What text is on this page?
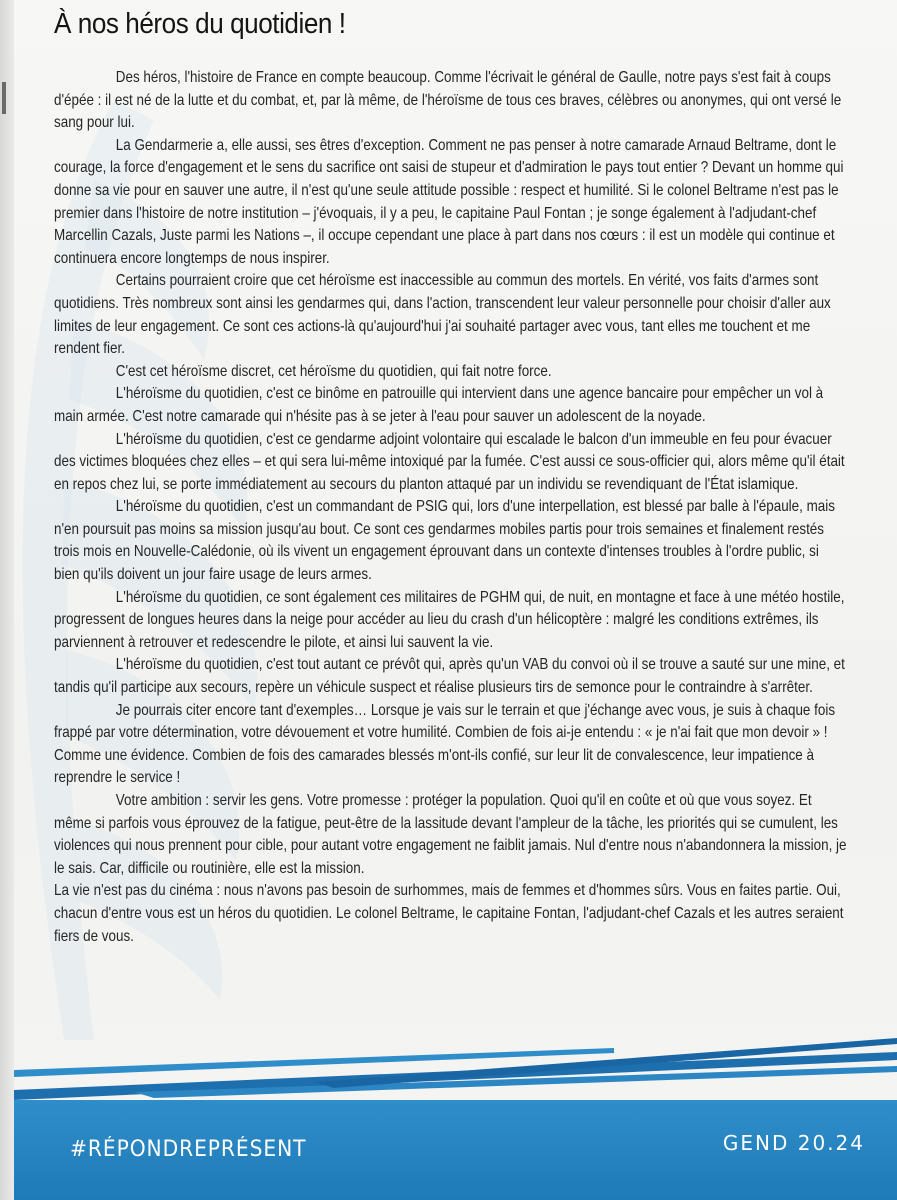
À nos héros du quotidien !

Des héros, l'histoire de France en compte beaucoup. Comme l'écrivait le général de Gaulle, notre pays s'est fait à coups d'épée : il est né de la lutte et du combat, et, par là même, de l'héroïsme de tous ces braves, célèbres ou anonymes, qui ont versé le sang pour lui.

La Gendarmerie a, elle aussi, ses êtres d'exception. Comment ne pas penser à notre camarade Arnaud Beltrame, dont le courage, la force d'engagement et le sens du sacrifice ont saisi de stupeur et d'admiration le pays tout entier ? Devant un homme qui donne sa vie pour en sauver une autre, il n'est qu'une seule attitude possible : respect et humilité. Si le colonel Beltrame n'est pas le premier dans l'histoire de notre institution – j'évoquais, il y a peu, le capitaine Paul Fontan ; je songe également à l'adjudant-chef Marcellin Cazals, Juste parmi les Nations –, il occupe cependant une place à part dans nos cœurs : il est un modèle qui continue et continuera encore longtemps de nous inspirer.

Certains pourraient croire que cet héroïsme est inaccessible au commun des mortels. En vérité, vos faits d'armes sont quotidiens. Très nombreux sont ainsi les gendarmes qui, dans l'action, transcendent leur valeur personnelle pour choisir d'aller aux limites de leur engagement. Ce sont ces actions-là qu'aujourd'hui j'ai souhaité partager avec vous, tant elles me touchent et me rendent fier.

C'est cet héroïsme discret, cet héroïsme du quotidien, qui fait notre force.

L'héroïsme du quotidien, c'est ce binôme en patrouille qui intervient dans une agence bancaire pour empêcher un vol à main armée. C'est notre camarade qui n'hésite pas à se jeter à l'eau pour sauver un adolescent de la noyade.

L'héroïsme du quotidien, c'est ce gendarme adjoint volontaire qui escalade le balcon d'un immeuble en feu pour évacuer des victimes bloquées chez elles – et qui sera lui-même intoxiqué par la fumée. C'est aussi ce sous-officier qui, alors même qu'il était en repos chez lui, se porte immédiatement au secours du planton attaqué par un individu se revendiquant de l'État islamique.

L'héroïsme du quotidien, c'est un commandant de PSIG qui, lors d'une interpellation, est blessé par balle à l'épaule, mais n'en poursuit pas moins sa mission jusqu'au bout. Ce sont ces gendarmes mobiles partis pour trois semaines et finalement restés trois mois en Nouvelle-Calédonie, où ils vivent un engagement éprouvant dans un contexte d'intenses troubles à l'ordre public, si bien qu'ils doivent un jour faire usage de leurs armes.

L'héroïsme du quotidien, ce sont également ces militaires de PGHM qui, de nuit, en montagne et face à une météo hostile, progressent de longues heures dans la neige pour accéder au lieu du crash d'un hélicoptère : malgré les conditions extrêmes, ils parviennent à retrouver et redescendre le pilote, et ainsi lui sauvent la vie.

L'héroïsme du quotidien, c'est tout autant ce prévôt qui, après qu'un VAB du convoi où il se trouve a sauté sur une mine, et tandis qu'il participe aux secours, repère un véhicule suspect et réalise plusieurs tirs de semonce pour le contraindre à s'arrêter.

Je pourrais citer encore tant d'exemples… Lorsque je vais sur le terrain et que j'échange avec vous, je suis à chaque fois frappé par votre détermination, votre dévouement et votre humilité. Combien de fois ai-je entendu : « je n'ai fait que mon devoir » ! Comme une évidence. Combien de fois des camarades blessés m'ont-ils confié, sur leur lit de convalescence, leur impatience à reprendre le service !

Votre ambition : servir les gens. Votre promesse : protéger la population. Quoi qu'il en coûte et où que vous soyez. Et même si parfois vous éprouvez de la fatigue, peut-être de la lassitude devant l'ampleur de la tâche, les priorités qui se cumulent, les violences qui nous prennent pour cible, pour autant votre engagement ne faiblit jamais. Nul d'entre nous n'abandonnera la mission, je le sais. Car, difficile ou routinière, elle est la mission.

La vie n'est pas du cinéma : nous n'avons pas besoin de surhommes, mais de femmes et d'hommes sûrs. Vous en faites partie. Oui, chacun d'entre vous est un héros du quotidien. Le colonel Beltrame, le capitaine Fontan, l'adjudant-chef Cazals et les autres seraient fiers de vous.

#RÉPONDREPRÉSENT	GEND 20.24
